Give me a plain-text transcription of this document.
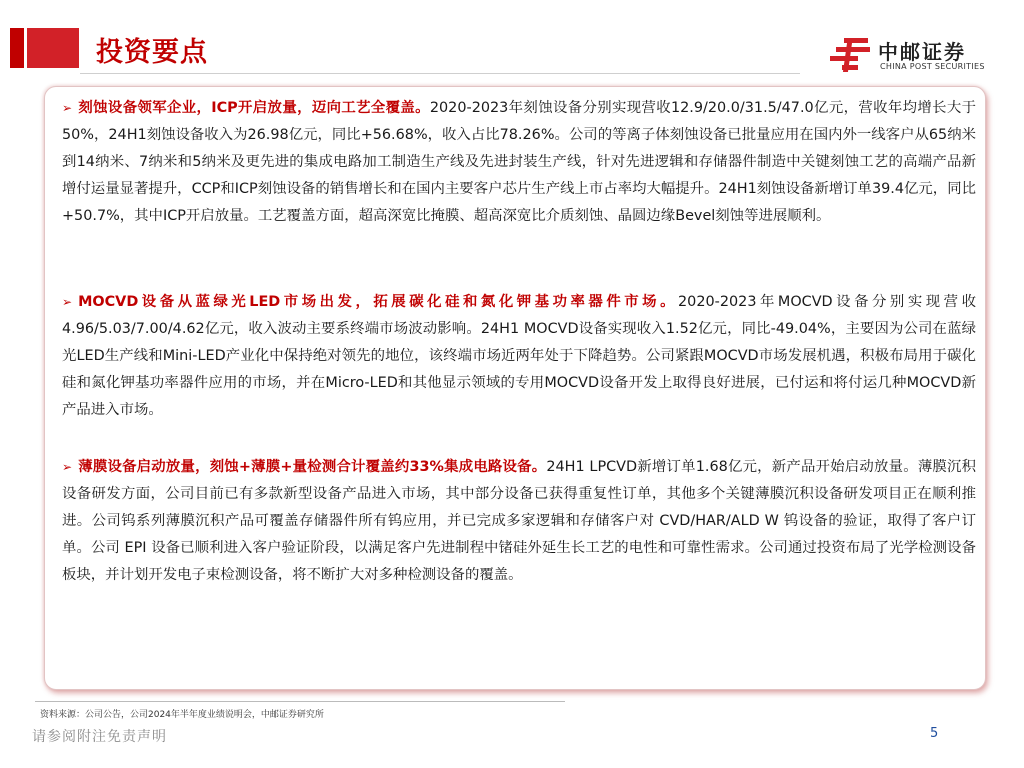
投资要点	中邮证券
CHINA POST SECURITIES
➢ 刻蚀设备领军企业，ICP开启放量，迈向工艺全覆盖。2020-2023年刻蚀设备分别实现营收12.9/20.0/31.5/47.0亿元，营收年均增长大于50%，24H1刻蚀设备收入为26.98亿元，同比+56.68%，收入占比78.26%。公司的等离子体刻蚀设备已批量应用在国内外一线客户从65纳米到14纳米、7纳米和5纳米及更先进的集成电路加工制造生产线及先进封装生产线，针对先进逻辑和存储器件制造中关键刻蚀工艺的高端产品新增付运量显著提升，CCP和ICP刻蚀设备的销售增长和在国内主要客户芯片生产线上市占率均大幅提升。24H1刻蚀设备新增订单39.4亿元，同比+50.7%，其中ICP开启放量。工艺覆盖方面，超高深宽比掩膜、超高深宽比介质刻蚀、晶圆边缘Bevel刻蚀等进展顺利。
➢ MOCVD设备从蓝绿光LED市场出发，拓展碳化硅和氮化钾基功率器件市场。2020-2023年MOCVD设备分别实现营收4.96/5.03/7.00/4.62亿元，收入波动主要系终端市场波动影响。24H1 MOCVD设备实现收入1.52亿元，同比-49.04%，主要因为公司在蓝绿光LED生产线和Mini-LED产业化中保持绝对领先的地位，该终端市场近两年处于下降趋势。公司紧跟MOCVD市场发展机遇，积极布局用于碳化硅和氮化钾基功率器件应用的市场，并在Micro-LED和其他显示领域的专用MOCVD设备开发上取得良好进展，已付运和将付运几种MOCVD新产品进入市场。
➢ 薄膜设备启动放量，刻蚀+薄膜+量检测合计覆盖约33%集成电路设备。24H1 LPCVD新增订单1.68亿元，新产品开始启动放量。薄膜沉积设备研发方面，公司目前已有多款新型设备产品进入市场，其中部分设备已获得重复性订单，其他多个关键薄膜沉积设备研发项目正在顺利推进。公司钨系列薄膜沉积产品可覆盖存储器件所有钨应用，并已完成多家逻辑和存储客户对 CVD/HAR/ALD W 钨设备的验证，取得了客户订单。公司 EPI 设备已顺利进入客户验证阶段，以满足客户先进制程中锗硅外延生长工艺的电性和可靠性需求。公司通过投资布局了光学检测设备板块，并计划开发电子束检测设备，将不断扩大对多种检测设备的覆盖。
资料来源：公司公告，公司2024年半年度业绩说明会，中邮证券研究所
请参阅附注免责声明	5
